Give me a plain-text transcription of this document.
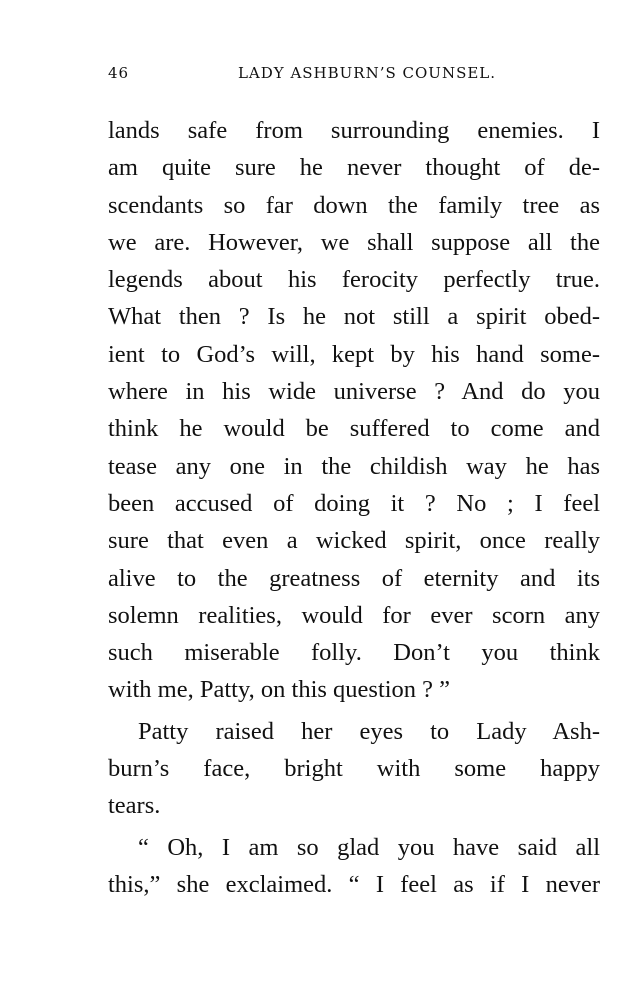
46	LADY ASHBURN’S COUNSEL.
lands safe from surrounding enemies. I
am quite sure he never thought of de-
scendants so far down the family tree as
we are. However, we shall suppose all the
legends about his ferocity perfectly true.
What then ? Is he not still a spirit obed-
ient to God’s will, kept by his hand some-
where in his wide universe ? And do you
think he would be suffered to come and
tease any one in the childish way he has
been accused of doing it ? No ; I feel
sure that even a wicked spirit, once really
alive to the greatness of eternity and its
solemn realities, would for ever scorn any
such miserable folly. Don’t you think
with me, Patty, on this question ? ”
Patty raised her eyes to Lady Ash-
burn’s face, bright with some happy
tears.
“ Oh, I am so glad you have said all
this,” she exclaimed. “ I feel as if I never
